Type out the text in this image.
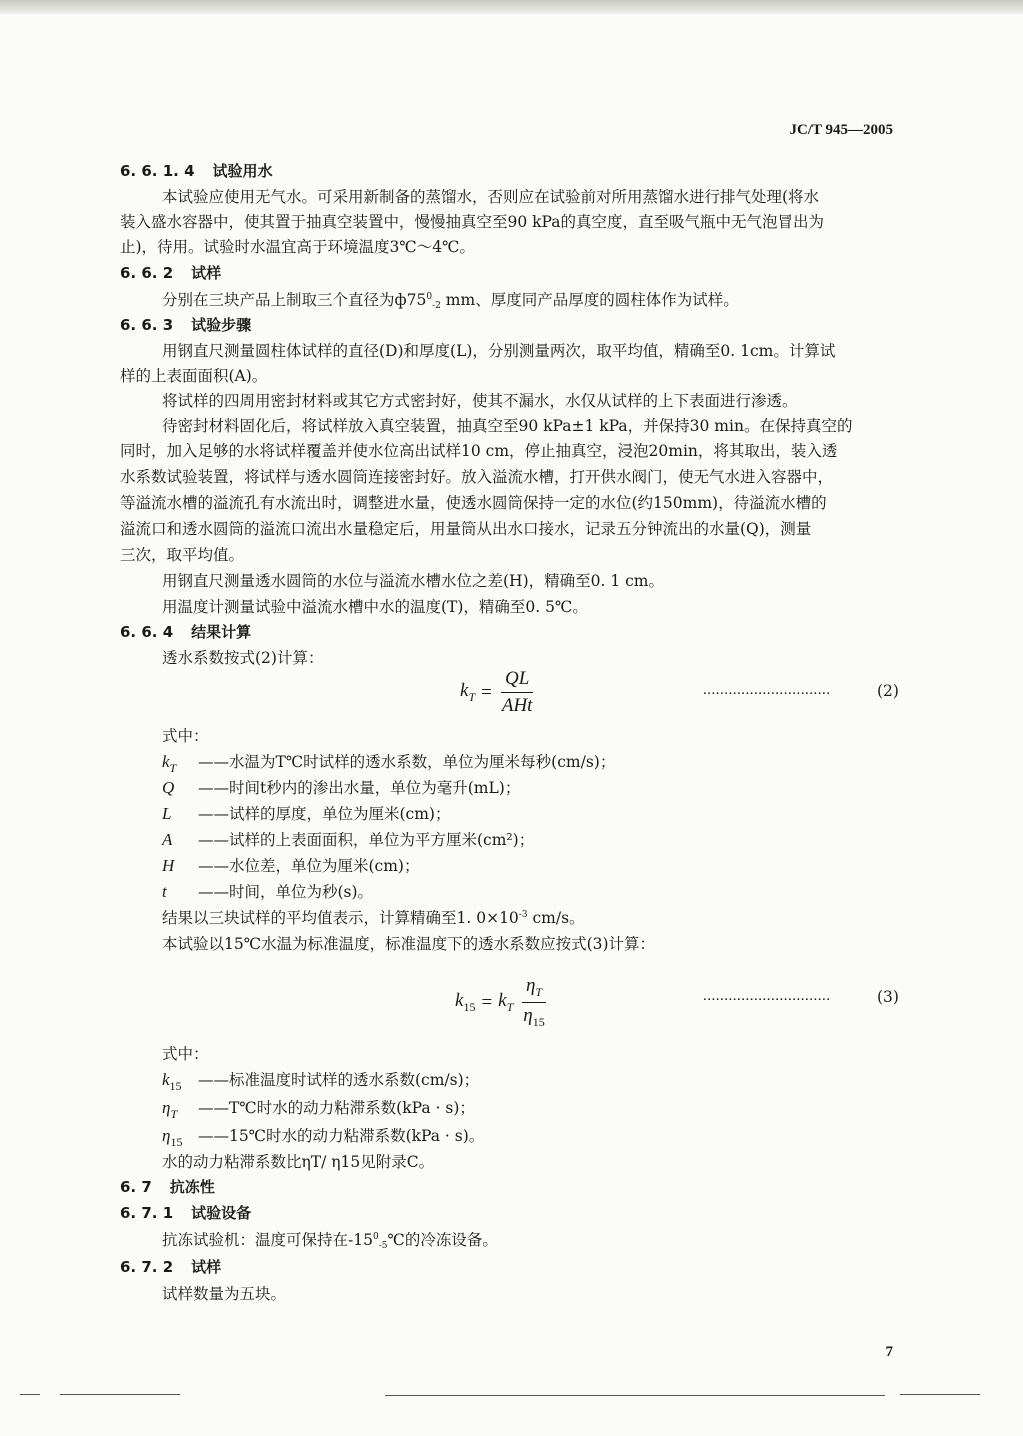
JC/T 945—2005
6. 6. 1. 4 试验用水
本试验应使用无气水。可采用新制备的蒸馏水，否则应在试验前对所用蒸馏水进行排气处理(将水
装入盛水容器中，使其置于抽真空装置中，慢慢抽真空至90 kPa的真空度，直至吸气瓶中无气泡冒出为
止)，待用。试验时水温宜高于环境温度3℃～4℃。
6. 6. 2 试样
分别在三块产品上制取三个直径为$ф75^0-2$ mm、厚度同产品厚度的圆柱体作为试样。
6. 6. 3 试验步骤
用钢直尺测量圆柱体试样的直径(D)和厚度(L)，分别测量两次，取平均值，精确至0. 1cm。计算试
样的上表面面积(A)。
将试样的四周用密封材料或其它方式密封好，使其不漏水，水仅从试样的上下表面进行渗透。
待密封材料固化后，将试样放入真空装置，抽真空至90 kPa±1 kPa，并保持30 min。在保持真空的
同时，加入足够的水将试样覆盖并使水位高出试样10 cm，停止抽真空，浸泡20min，将其取出，装入透
水系数试验装置，将试样与透水圆筒连接密封好。放入溢流水槽，打开供水阀门，使无气水进入容器中，
等溢流水槽的溢流孔有水流出时，调整进水量，使透水圆筒保持一定的水位(约150mm)，待溢流水槽的
溢流口和透水圆筒的溢流口流出水量稳定后，用量筒从出水口接水，记录五分钟流出的水量(Q)，测量
三次，取平均值。
用钢直尺测量透水圆筒的水位与溢流水槽水位之差(H)，精确至0. 1 cm。
用温度计测量试验中溢流水槽中水的温度(T)，精确至0. 5℃。
6. 6. 4 结果计算
透水系数按式(2)计算：
$k_T = \frac{QL}{\text{AHt}}$	..............................	(2)
式中：
$k_T$ ——水温为T℃时试样的透水系数，单位为厘米每秒(cm/s)；
Q ——时间t秒内的渗出水量，单位为毫升(mL)；
L ——试样的厚度，单位为厘米(cm)；
A ——试样的上表面面积，单位为平方厘米(cm²)；
H ——水位差，单位为厘米(cm)；
t ——时间，单位为秒(s)。
结果以三块试样的平均值表示，计算精确至1. $0\times 10^{-3}$ cm/s。
本试验以15℃水温为标准温度，标准温度下的透水系数应按式(3)计算：
$k_{15} = k_T \frac{\eta_T}{\eta_{15}}$	..............................	(3)
式中：
$k_{15}$ ——标准温度时试样的透水系数(cm/s)；
$\eta_T$ ——T℃时水的动力粘滞系数(kPa · s)；
$\eta_{15}$ ——15℃时水的动力粘滞系数(kPa · s)。
水的动力粘滞系数比ηT/ η15见附录C。
6. 7 抗冻性
6. 7. 1 试验设备
抗冻试验机：温度可保持在$-15^0-5℃$的冷冻设备。
6. 7. 2 试样
试样数量为五块。
7
